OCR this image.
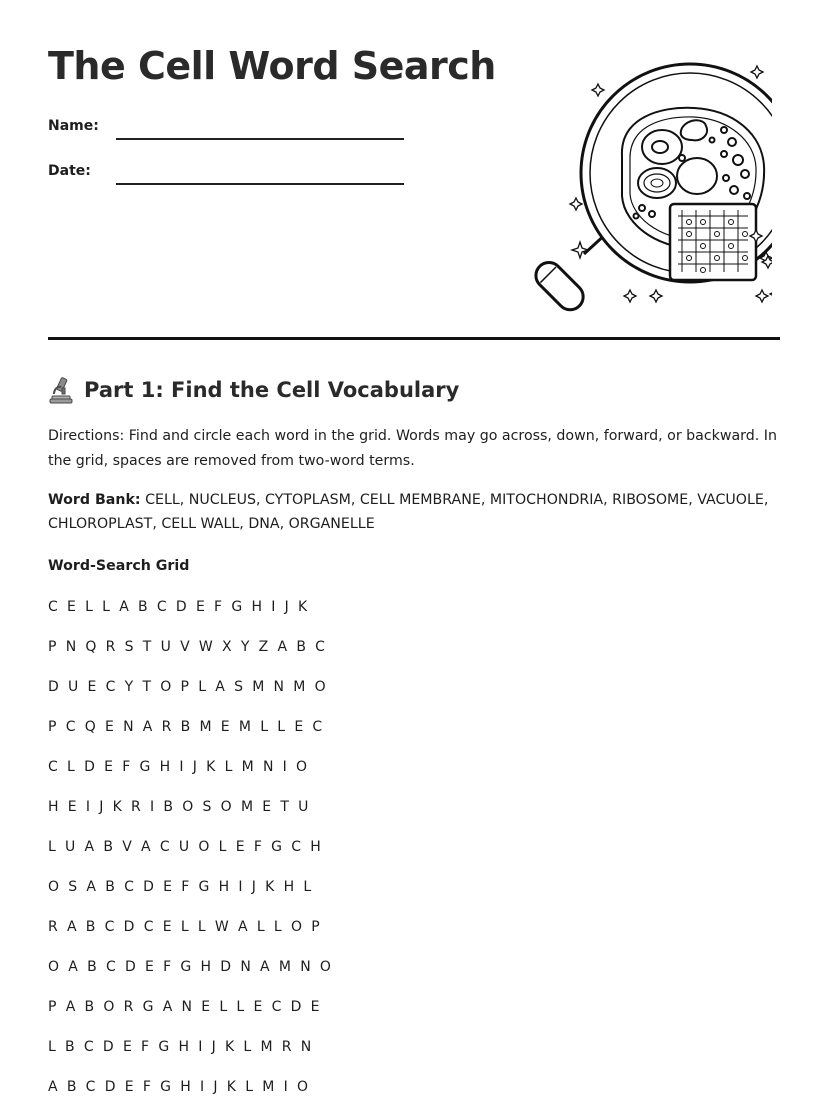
The Cell Word Search
Name:
Date:
Part 1: Find the Cell Vocabulary

Directions: Find and circle each word in the grid. Words may go across, down, forward, or backward. In the grid, spaces are removed from two-word terms.

Word Bank: CELL, NUCLEUS, CYTOPLASM, CELL MEMBRANE, MITOCHONDRIA, RIBOSOME, VACUOLE, CHLOROPLAST, CELL WALL, DNA, ORGANELLE

Word-Search Grid

C E L L A B C D E F G H I J K
P N Q R S T U V W X Y Z A B C
D U E C Y T O P L A S M N M O
P C Q E N A R B M E M L L E C
C L D E F G H I J K L M N I O
H E I J K R I B O S O M E T U
L U A B V A C U O L E F G C H
O S A B C D E F G H I J K H L
R A B C D C E L L W A L L O P
O A B C D E F G H D N A M N O
P A B O R G A N E L L E C D E
L B C D E F G H I J K L M R N
A B C D E F G H I J K L M I O
